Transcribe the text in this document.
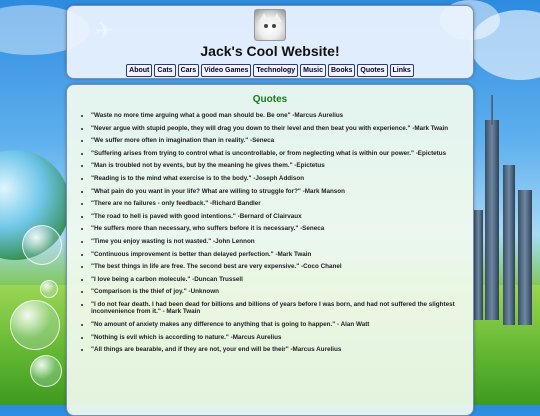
Jack's Cool Website!
About Cats Cars Video Games Technology Music Books Quotes Links
Quotes
• "Waste no more time arguing what a good man should be. Be one" -Marcus Aurelius
• "Never argue with stupid people, they will drag you down to their level and then beat you with experience." -Mark Twain
• "We suffer more often in imagination than in reality." -Seneca
• "Suffering arises from trying to control what is uncontrollable, or from neglecting what is within our power." -Epictetus
• "Man is troubled not by events, but by the meaning he gives them." -Epictetus
• "Reading is to the mind what exercise is to the body." -Joseph Addison
• "What pain do you want in your life? What are willing to struggle for?" -Mark Manson
• "There are no failures - only feedback." -Richard Bandler
• "The road to hell is paved with good intentions." -Bernard of Clairvaux
• "He suffers more than necessary, who suffers before it is necessary." -Seneca
• "Time you enjoy wasting is not wasted." -John Lennon
• "Continuous improvement is better than delayed perfection." -Mark Twain
• "The best things in life are free. The second best are very expensive." -Coco Chanel
• "I love being a carbon molecule." -Duncan Trussell
• "Comparison is the thief of joy." -Unknown
• "I do not fear death. I had been dead for billions and billions of years before I was born, and had not suffered the slightest inconvenience from it." - Mark Twain
• "No amount of anxiety makes any difference to anything that is going to happen." - Alan Watt
• "Nothing is evil which is according to nature." -Marcus Aurelius
• "All things are bearable, and if they are not, your end will be their" -Marcus Aurelius
